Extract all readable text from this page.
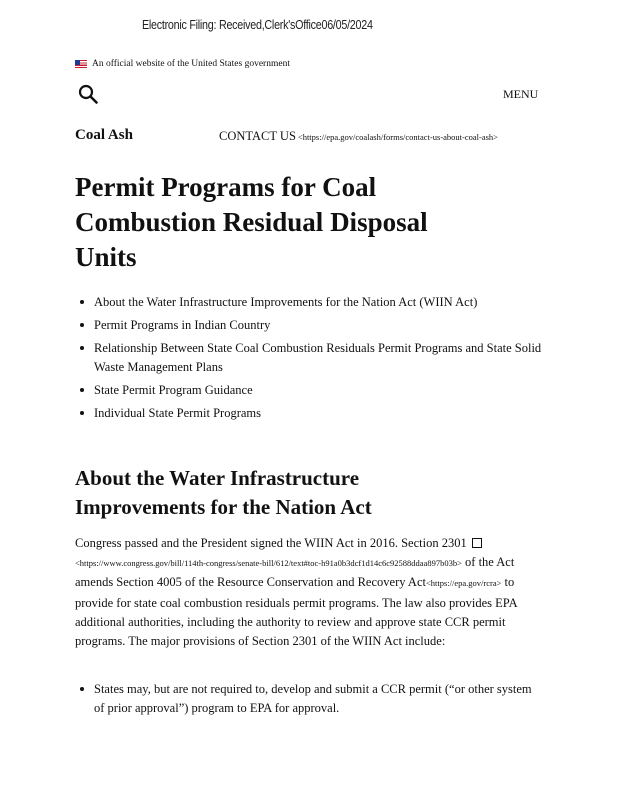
Electronic Filing: Received,Clerk'sOffice06/05/2024
An official website of the United States government
MENU
Coal Ash	CONTACT US <https://epa.gov/coalash/forms/contact-us-about-coal-ash>
Permit Programs for Coal Combustion Residual Disposal Units
About the Water Infrastructure Improvements for the Nation Act (WIIN Act)
Permit Programs in Indian Country
Relationship Between State Coal Combustion Residuals Permit Programs and State Solid Waste Management Plans
State Permit Program Guidance
Individual State Permit Programs
About the Water Infrastructure Improvements for the Nation Act
Congress passed and the President signed the WIIN Act in 2016. Section 2301 <https://www.congress.gov/bill/114th-congress/senate-bill/612/text#toc-h91a0b3dcf1d14c6c92588ddaa897b03b> of the Act amends Section 4005 of the Resource Conservation and Recovery Act<https://epa.gov/rcra> to provide for state coal combustion residuals permit programs. The law also provides EPA additional authorities, including the authority to review and approve state CCR permit programs. The major provisions of Section 2301 of the WIIN Act include:
States may, but are not required to, develop and submit a CCR permit (“or other system of prior approval”) program to EPA for approval.
